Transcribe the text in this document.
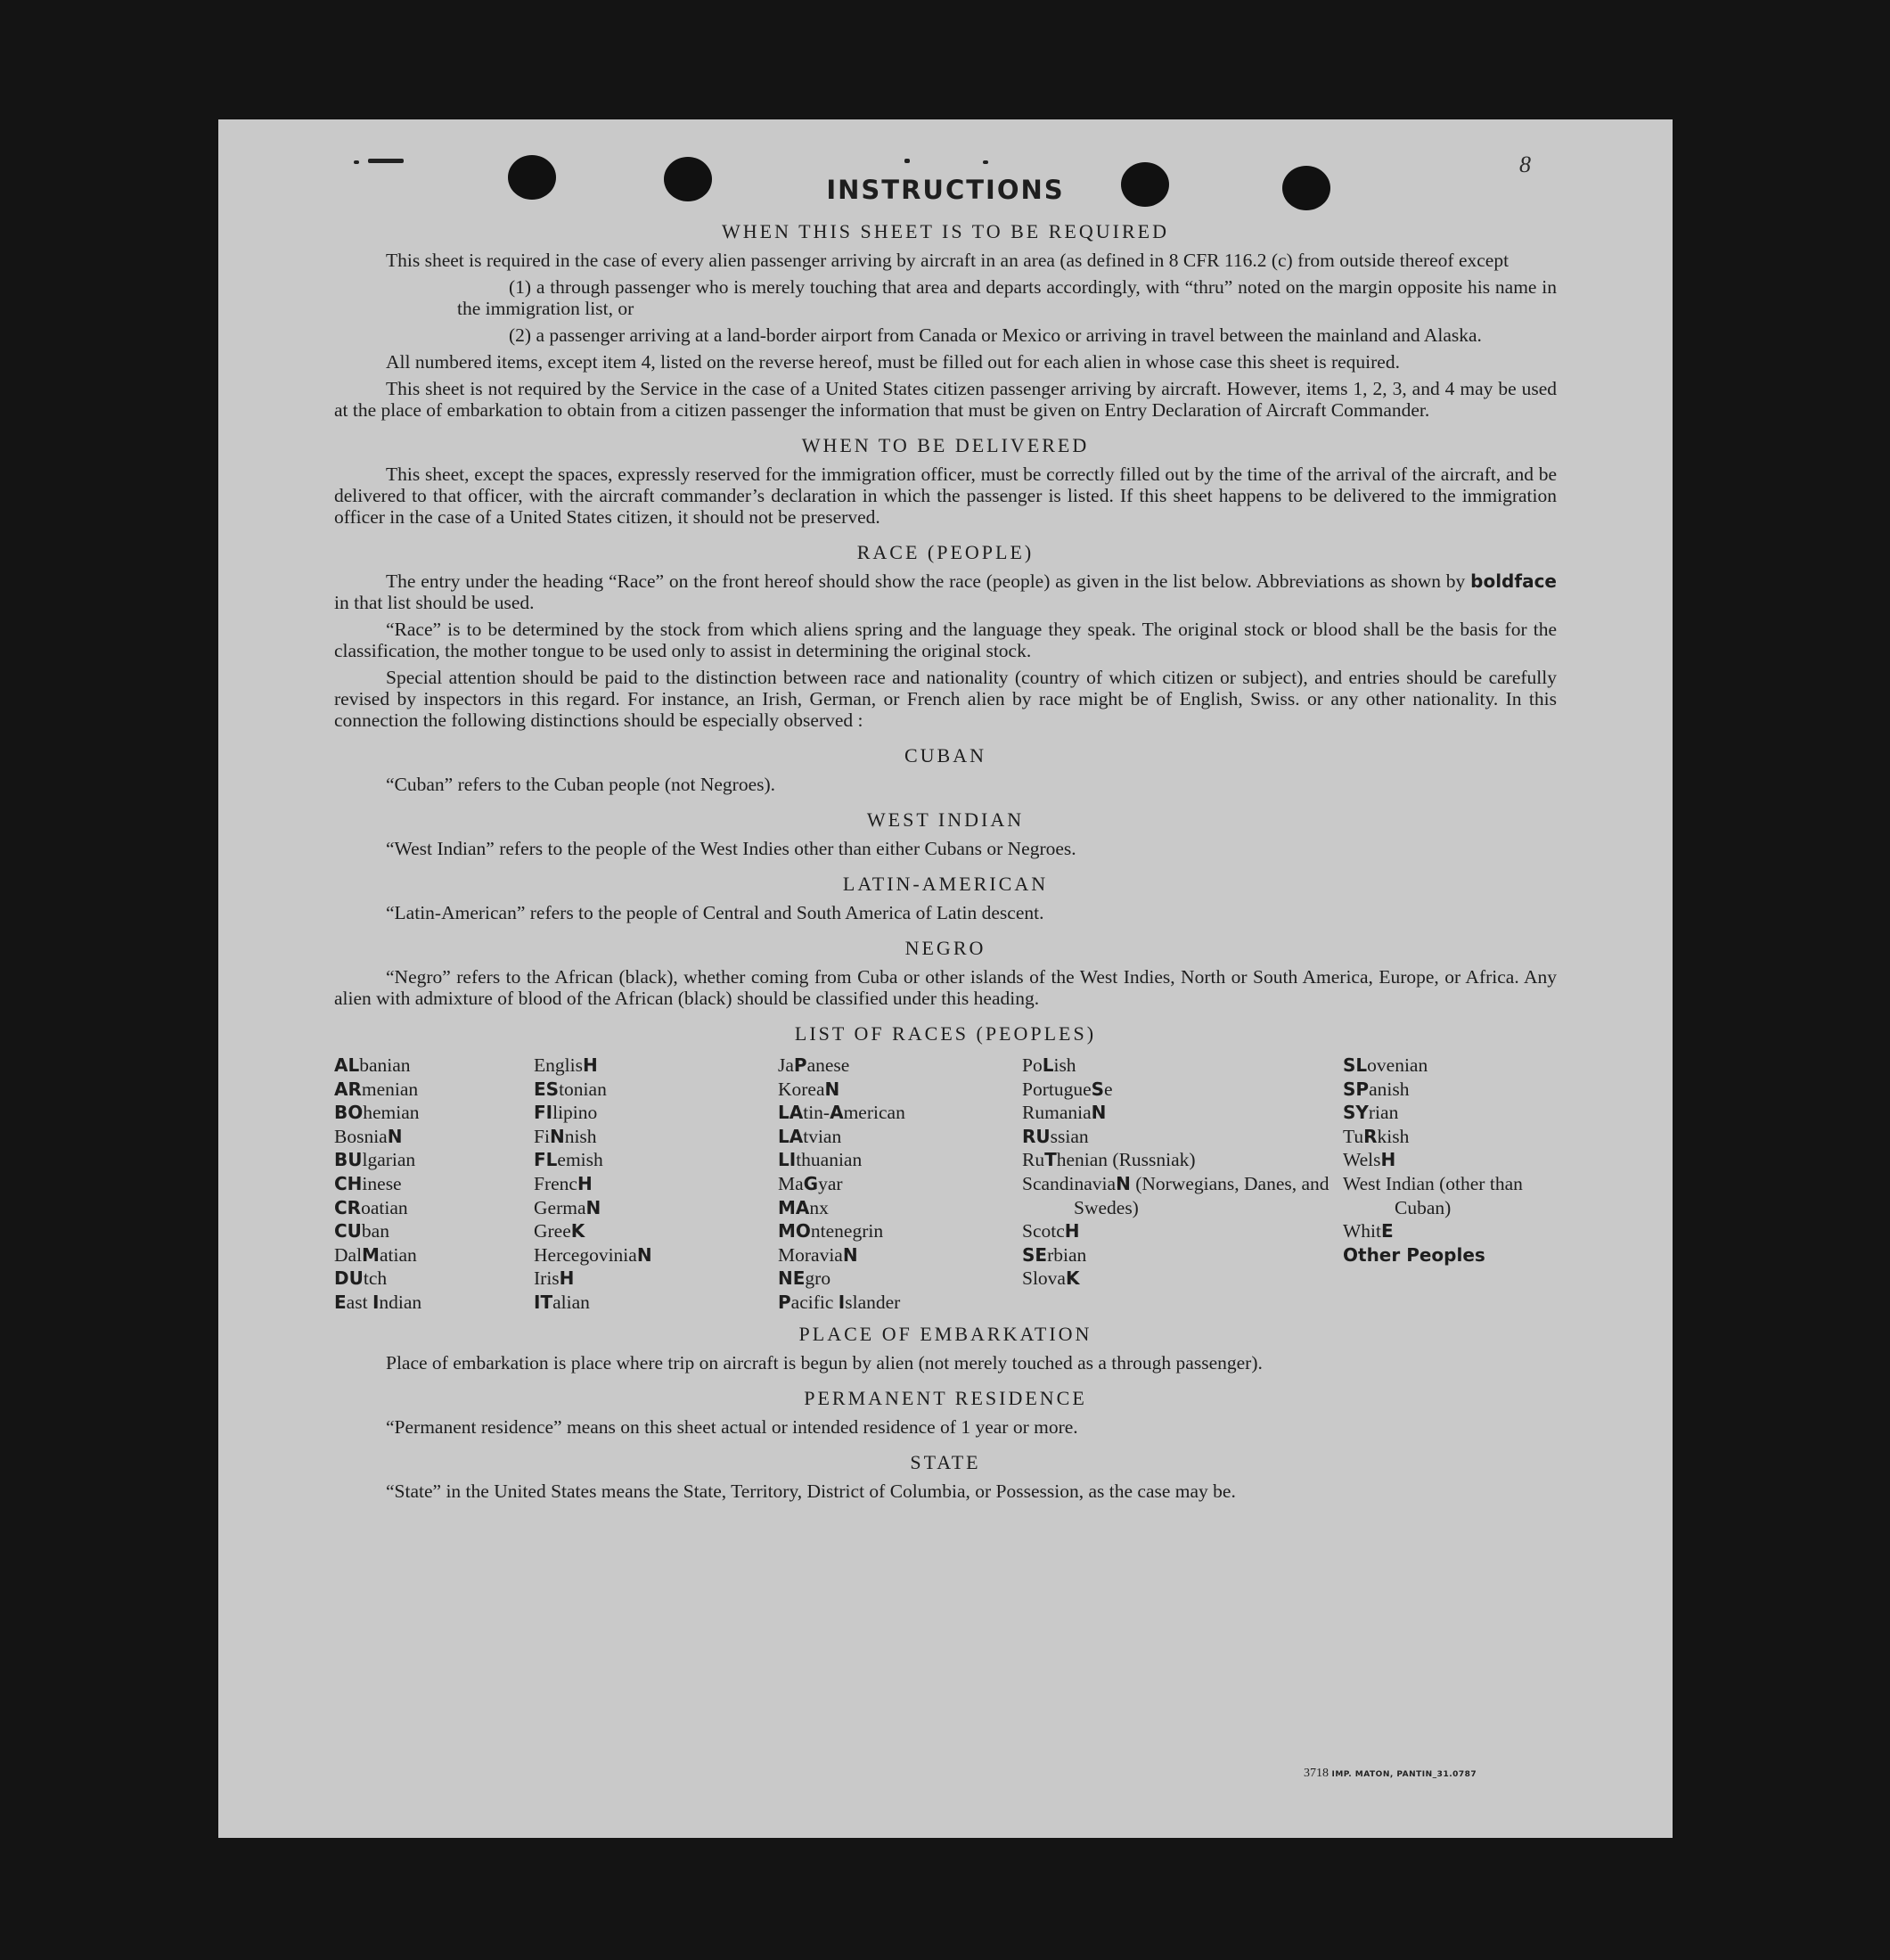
8
INSTRUCTIONS
WHEN THIS SHEET IS TO BE REQUIRED

This sheet is required in the case of every alien passenger arriving by aircraft in an area (as defined in 8 CFR 116.2 (c) from outside thereof except

(1) a through passenger who is merely touching that area and departs accordingly, with “thru” noted on the margin opposite his name in the immigration list, or

(2) a passenger arriving at a land-border airport from Canada or Mexico or arriving in travel between the mainland and Alaska.

All numbered items, except item 4, listed on the reverse hereof, must be filled out for each alien in whose case this sheet is required.

This sheet is not required by the Service in the case of a United States citizen passenger arriving by aircraft. However, items 1, 2, 3, and 4 may be used at the place of embarkation to obtain from a citizen passenger the information that must be given on Entry Declaration of Aircraft Commander.

WHEN TO BE DELIVERED

This sheet, except the spaces, expressly reserved for the immigration officer, must be correctly filled out by the time of the arrival of the aircraft, and be delivered to that officer, with the aircraft commander’s declaration in which the passenger is listed. If this sheet happens to be delivered to the immigration officer in the case of a United States citizen, it should not be preserved.

RACE (PEOPLE)

The entry under the heading “Race” on the front hereof should show the race (people) as given in the list below. Abbreviations as shown by boldface in that list should be used.

“Race” is to be determined by the stock from which aliens spring and the language they speak. The original stock or blood shall be the basis for the classification, the mother tongue to be used only to assist in determining the original stock.

Special attention should be paid to the distinction between race and nationality (country of which citizen or subject), and entries should be carefully revised by inspectors in this regard. For instance, an Irish, German, or French alien by race might be of English, Swiss. or any other nationality. In this connection the following distinctions should be especially observed :

CUBAN

“Cuban” refers to the Cuban people (not Negroes).

WEST INDIAN

“West Indian” refers to the people of the West Indies other than either Cubans or Negroes.

LATIN-AMERICAN

“Latin-American” refers to the people of Central and South America of Latin descent.

NEGRO

“Negro” refers to the African (black), whether coming from Cuba or other islands of the West Indies, North or South America, Europe, or Africa. Any alien with admixture of blood of the African (black) should be classified under this heading.

LIST OF RACES (PEOPLES)
ALbanian
ARmenian
BOhemian
BosniaN
BUlgarian
CHinese
CRoatian
CUban
DalMatian
DUtch
East Indian
EnglisH
EStonian
FIlipino
FiNnish
FLemish
FrencH
GermaN
GreeK
HercegoviniaN
IrisH
ITalian
JaPanese
KoreaN
LAtin-American
LAtvian
LIthuanian
MaGyar
MAnx
MOntenegrin
MoraviaN
NEgro
Pacific Islander
PoLish
PortugueSe
RumaniaN
RUssian
RuThenian (Russniak)
ScandinaviaN (Norwegians, Danes, and Swedes)
ScotcH
SErbian
SlovaK
SLovenian
SPanish
SYrian
TuRkish
WelsH
West Indian (other than Cuban)
WhitE
Other Peoples
PLACE OF EMBARKATION

Place of embarkation is place where trip on aircraft is begun by alien (not merely touched as a through passenger).

PERMANENT RESIDENCE

“Permanent residence” means on this sheet actual or intended residence of 1 year or more.

STATE

“State” in the United States means the State, Territory, District of Columbia, or Possession, as the case may be.

3718 IMP. MATON, PANTIN_31.0787
